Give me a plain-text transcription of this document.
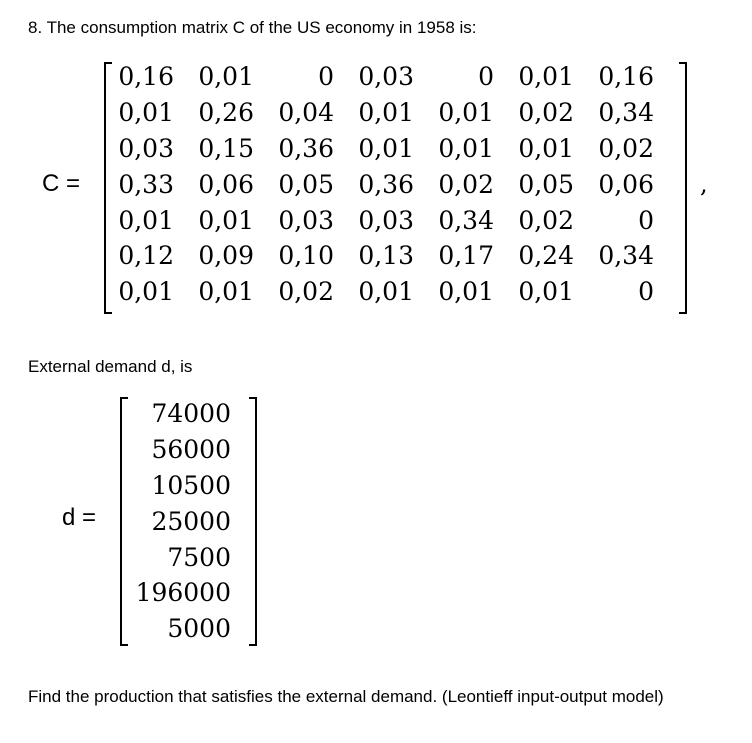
8. The consumption matrix C of the US economy in 1958 is:
C =
0,16	0,01	0	0,03	0	0,01	0,16
0,01	0,26	0,04	0,01	0,01	0,02	0,34
0,03	0,15	0,36	0,01	0,01	0,01	0,02
0,33	0,06	0,05	0,36	0,02	0,05	0,06
0,01	0,01	0,03	0,03	0,34	0,02	0
0,12	0,09	0,10	0,13	0,17	0,24	0,34
0,01	0,01	0,02	0,01	0,01	0,01	0
,
External demand d, is
d =
74000
56000
10500
25000
7500
196000
5000
Find the production that satisfies the external demand. (Leontieff input-output model)
